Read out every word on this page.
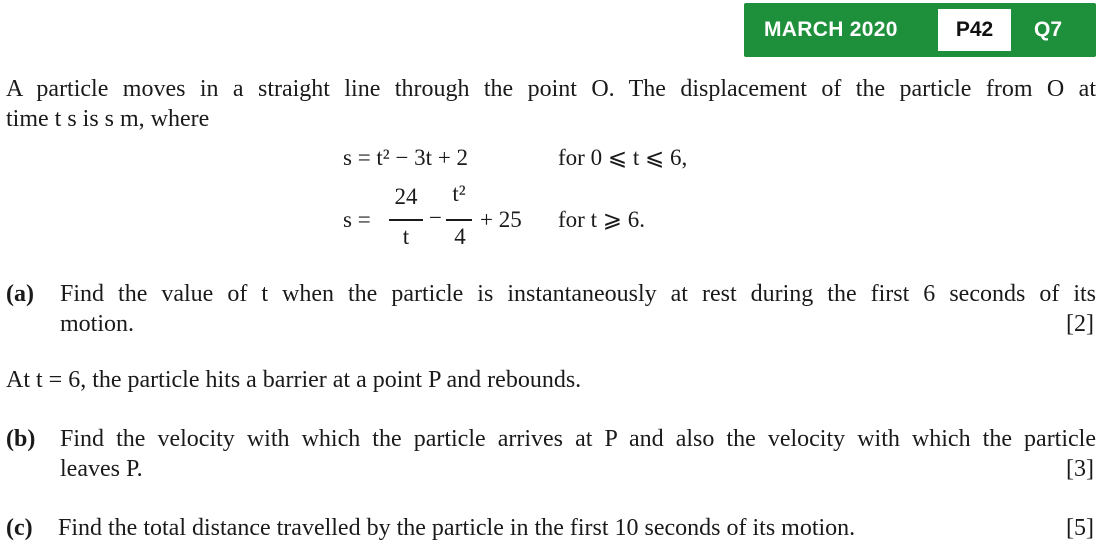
MARCH 2020	P42	Q7
A particle moves in a straight line through the point O. The displacement of the particle from O at
time t s is s m, where
s = t² − 3t + 2	for 0 ⩽ t ⩽ 6,
s =
24
t
−
t²
4
+ 25 for t ⩾ 6.
(a) Find the value of t when the particle is instantaneously at rest during the first 6 seconds of its
motion.	[2]
At t = 6, the particle hits a barrier at a point P and rebounds.
(b) Find the velocity with which the particle arrives at P and also the velocity with which the particle
leaves P.	[3]
(c) Find the total distance travelled by the particle in the first 10 seconds of its motion.	[5]
